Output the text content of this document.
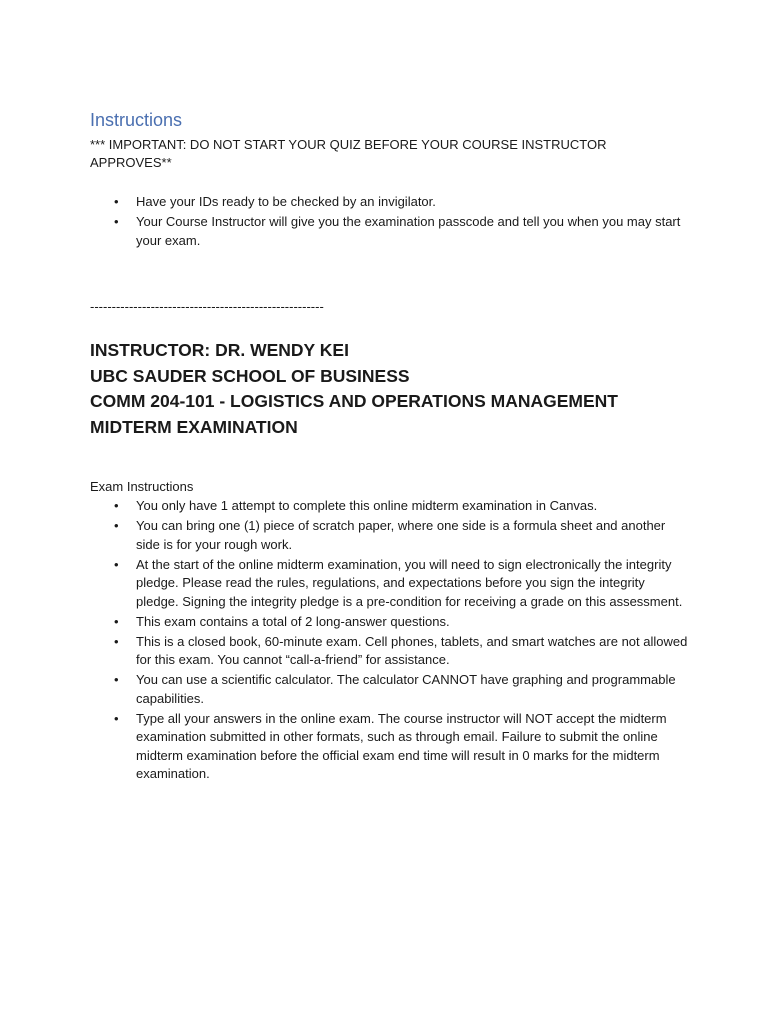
Instructions

*** IMPORTANT: DO NOT START YOUR QUIZ BEFORE YOUR COURSE INSTRUCTOR APPROVES**

• Have your IDs ready to be checked by an invigilator.
• Your Course Instructor will give you the examination passcode and tell you when you may start your exam.
------------------------------------------------------

INSTRUCTOR: DR. WENDY KEI

UBC SAUDER SCHOOL OF BUSINESS

COMM 204-101 - LOGISTICS AND OPERATIONS MANAGEMENT

MIDTERM EXAMINATION

Exam Instructions
• You only have 1 attempt to complete this online midterm examination in Canvas.
• You can bring one (1) piece of scratch paper, where one side is a formula sheet and another side is for your rough work.
• At the start of the online midterm examination, you will need to sign electronically the integrity pledge. Please read the rules, regulations, and expectations before you sign the integrity pledge. Signing the integrity pledge is a pre-condition for receiving a grade on this assessment.
• This exam contains a total of 2 long-answer questions.
• This is a closed book, 60-minute exam. Cell phones, tablets, and smart watches are not allowed for this exam. You cannot “call-a-friend” for assistance.
• You can use a scientific calculator. The calculator CANNOT have graphing and programmable capabilities.
• Type all your answers in the online exam. The course instructor will NOT accept the midterm examination submitted in other formats, such as through email. Failure to submit the online midterm examination before the official exam end time will result in 0 marks for the midterm examination.
